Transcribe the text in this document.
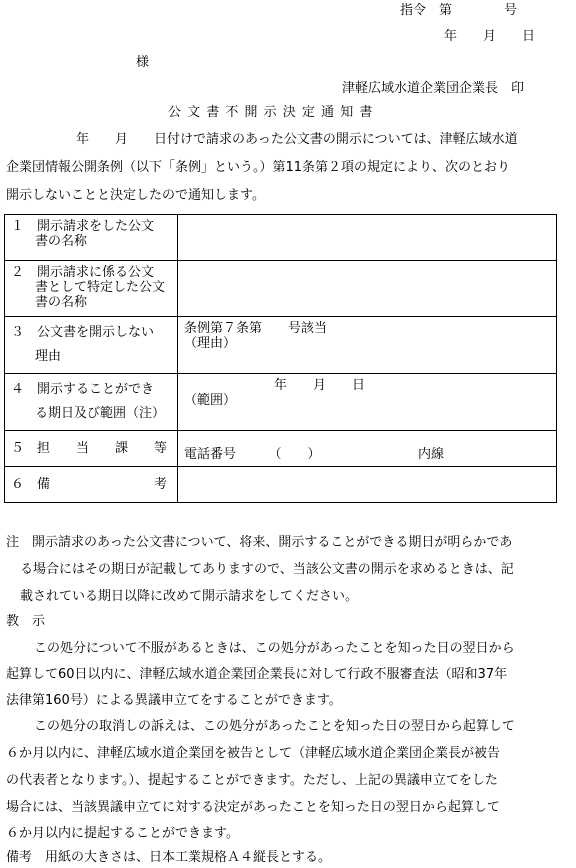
指令　第　　　　号
年　　月　　日
様
津軽広域水道企業団企業長　印
公 文 書 不 開 示 決 定 通 知 書
年　　月　　日付けで請求のあった公文書の開示については、津軽広域水道
企業団情報公開条例（以下「条例」という。）第11条第２項の規定により、次のとおり
開示しないことと決定したので通知します。
１　開示請求をした公文
書の名称	

２　開示請求に係る公文
書として特定した公文
書の名称	

３　公文書を開示しない
理由	条例第７条第　　号該当
（理由）

４　開示することができ
る期日及び範囲（注）	年　　月　　日
（範囲）

５　担　　当　　課　　等	電話番号　　　（　　）　　　　　　　　内線

６　備　　　　　　　　考	

注　開示請求のあった公文書について、将来、開示することができる期日が明らかであ
る場合にはその期日が記載してありますので、当該公文書の開示を求めるときは、記
載されている期日以降に改めて開示請求をしてください。
教　示
この処分について不服があるときは、この処分があったことを知った日の翌日から
起算して60日以内に、津軽広域水道企業団企業長に対して行政不服審査法（昭和37年
法律第160号）による異議申立てをすることができます。
この処分の取消しの訴えは、この処分があったことを知った日の翌日から起算して
６か月以内に、津軽広域水道企業団を被告として（津軽広域水道企業団企業長が被告
の代表者となります。）、提起することができます。ただし、上記の異議申立てをした
場合には、当該異議申立てに対する決定があったことを知った日の翌日から起算して
６か月以内に提起することができます。
備考　用紙の大きさは、日本工業規格Ａ４縦長とする。
